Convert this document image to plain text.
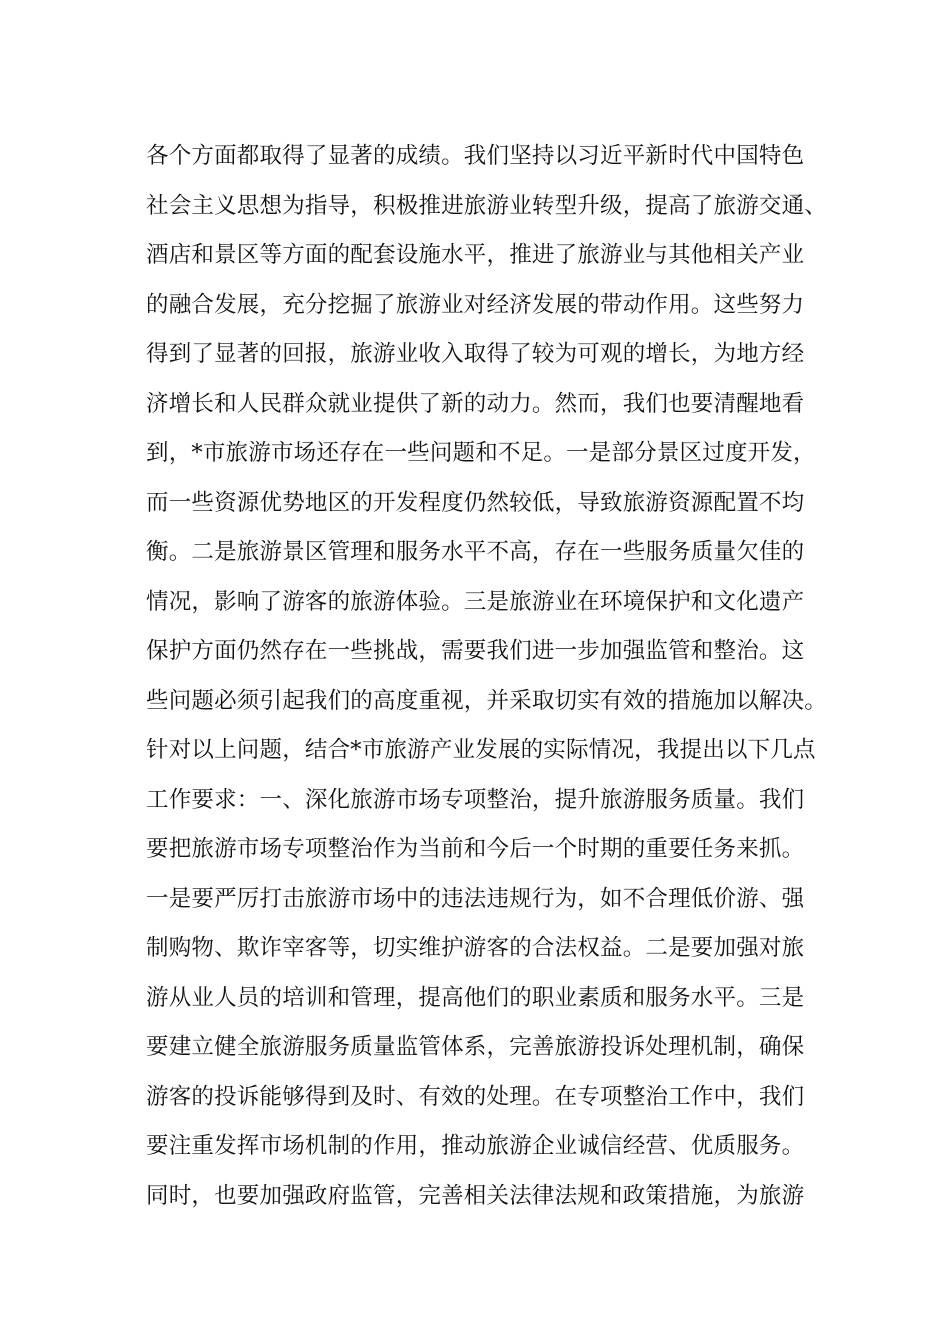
各个方面都取得了显著的成绩。我们坚持以习近平新时代中国特色
社会主义思想为指导，积极推进旅游业转型升级，提高了旅游交通、
酒店和景区等方面的配套设施水平，推进了旅游业与其他相关产业
的融合发展，充分挖掘了旅游业对经济发展的带动作用。这些努力
得到了显著的回报，旅游业收入取得了较为可观的增长，为地方经
济增长和人民群众就业提供了新的动力。然而，我们也要清醒地看
到，*市旅游市场还存在一些问题和不足。一是部分景区过度开发，
而一些资源优势地区的开发程度仍然较低，导致旅游资源配置不均
衡。二是旅游景区管理和服务水平不高，存在一些服务质量欠佳的
情况，影响了游客的旅游体验。三是旅游业在环境保护和文化遗产
保护方面仍然存在一些挑战，需要我们进一步加强监管和整治。这
些问题必须引起我们的高度重视，并采取切实有效的措施加以解决。
针对以上问题，结合*市旅游产业发展的实际情况，我提出以下几点
工作要求：一、深化旅游市场专项整治，提升旅游服务质量。我们
要把旅游市场专项整治作为当前和今后一个时期的重要任务来抓。
一是要严厉打击旅游市场中的违法违规行为，如不合理低价游、强
制购物、欺诈宰客等，切实维护游客的合法权益。二是要加强对旅
游从业人员的培训和管理，提高他们的职业素质和服务水平。三是
要建立健全旅游服务质量监管体系，完善旅游投诉处理机制，确保
游客的投诉能够得到及时、有效的处理。在专项整治工作中，我们
要注重发挥市场机制的作用，推动旅游企业诚信经营、优质服务。
同时，也要加强政府监管，完善相关法律法规和政策措施，为旅游
